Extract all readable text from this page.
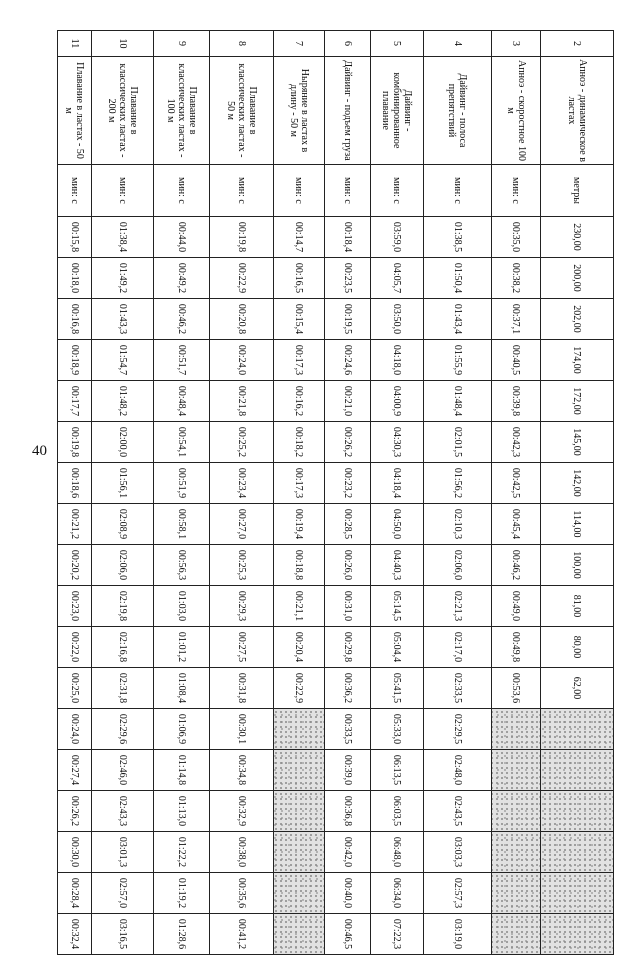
40
2	Апноэ - динамическое в ластах	метры	230,00	200,00	202,00	174,00	172,00	145,00	142,00	114,00	100,00	81,00	80,00	62,00						
3	Апноэ - скоростное 100 м	мин: с	00:35,0	00:38,2	00:37,1	00:40,5	00:39,8	00:42,3	00:42,5	00:45,4	00:46,2	00:49,0	00:49,8	00:53,6						
4	Дайвинг - полоса препятствий	мин: с	01:38,5	01:50,4	01:43,4	01:55,9	01:48,4	02:01,5	01:56,2	02:10,3	02:06,0	02:21,3	02:17,0	02:33,5	02:29,5	02:48,0	02:43,5	03:03,3	02:57,3	03:19,0
5	Дайвинг - комбинированное плавание	мин: с	03:59,0	04:05,7	03:50,0	04:18,0	04:00,9	04:30,3	04:18,4	04:50,0	04:40,3	05:14,5	05:04,4	05:41,5	05:33,0	06:13,5	06:03,5	06:48,0	06:34,0	07:22,3
6	Дайвинг - подъем груза	мин: с	00:18,4	00:23,5	00:19,5	00:24,6	00:21,0	00:26,2	00:23,2	00:28,5	00:26,0	00:31,0	00:29,8	00:36,2	00:33,5	00:39,0	00:36,8	00:42,0	00:40,0	00:46,5
7	Ныряние в ластах в длину - 50 м	мин: с	00:14,7	00:16,5	00:15,4	00:17,3	00:16,2	00:18,2	00:17,3	00:19,4	00:18,8	00:21,1	00:20,4	00:22,9						
8	Плавание в классических ластах - 50 м	мин: с	00:19,8	00:22,9	00:20,8	00:24,0	00:21,8	00:25,2	00:23,4	00:27,0	00:25,3	00:29,3	00:27,5	00:31,8	00:30,1	00:34,8	00:32,9	00:38,0	00:35,6	00:41,2
9	Плавание в классических ластах - 100 м	мин: с	00:44,0	00:49,2	00:46,2	00:51,7	00:48,4	00:54,1	00:51,9	00:58,1	00:56,3	01:03,0	01:01,2	01:08,4	01:06,9	01:14,8	01:13,0	01:22,2	01:19,2	01:28,6
10	Плавание в классических ластах - 200 м	мин: с	01:38,4	01:49,2	01:43,3	01:54,7	01:48,2	02:00,0	01:56,1	02:08,9	02:06,0	02:19,8	02:16,8	02:31,8	02:29,6	02:46,0	02:43,3	03:01,3	02:57,0	03:16,5
11	Плавание в ластах - 50 м	мин: с	00:15,8	00:18,0	00:16,8	00:18,9	00:17,7	00:19,8	00:18,6	00:21,2	00:20,2	00:23,0	00:22,0	00:25,0	00:24,0	00:27,4	00:26,2	00:30,0	00:28,4	00:32,4
